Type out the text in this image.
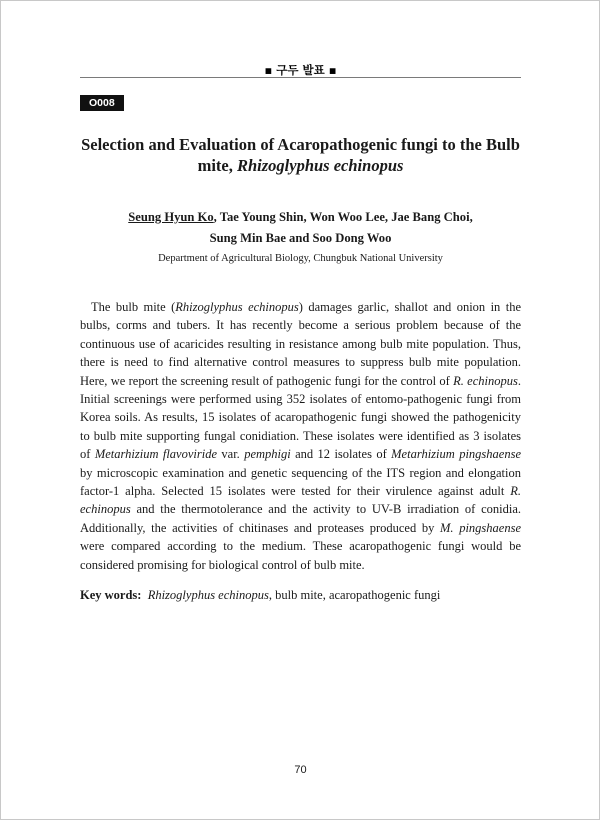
▪ 구두 발표 ▪
O008
Selection and Evaluation of Acaropathogenic fungi to the Bulb
mite, Rhizoglyphus echinopus
Seung Hyun Ko, Tae Young Shin, Won Woo Lee, Jae Bang Choi,
Sung Min Bae and Soo Dong Woo
Department of Agricultural Biology, Chungbuk National University

The bulb mite (Rhizoglyphus echinopus) damages garlic, shallot and onion in the bulbs, corms and tubers. It has recently become a serious problem because of the continuous use of acaricides resulting in resistance among bulb mite population. Thus, there is need to find alternative control measures to suppress bulb mite population. Here, we report the screening result of pathogenic fungi for the control of R. echinopus. Initial screenings were performed using 352 isolates of entomo-pathogenic fungi from Korea soils. As results, 15 isolates of acaropathogenic fungi showed the pathogenicity to bulb mite supporting fungal conidiation. These isolates were identified as 3 isolates of Metarhizium flavoviride var. pemphigi and 12 isolates of Metarhizium pingshaense by microscopic examination and genetic sequencing of the ITS region and elongation factor-1 alpha. Selected 15 isolates were tested for their virulence against adult R. echinopus and the thermotolerance and the activity to UV-B irradiation of conidia. Additionally, the activities of chitinases and proteases produced by M. pingshaense were compared according to the medium. These acaropathogenic fungi would be considered promising for biological control of bulb mite.

Key words: Rhizoglyphus echinopus, bulb mite, acaropathogenic fungi

70
